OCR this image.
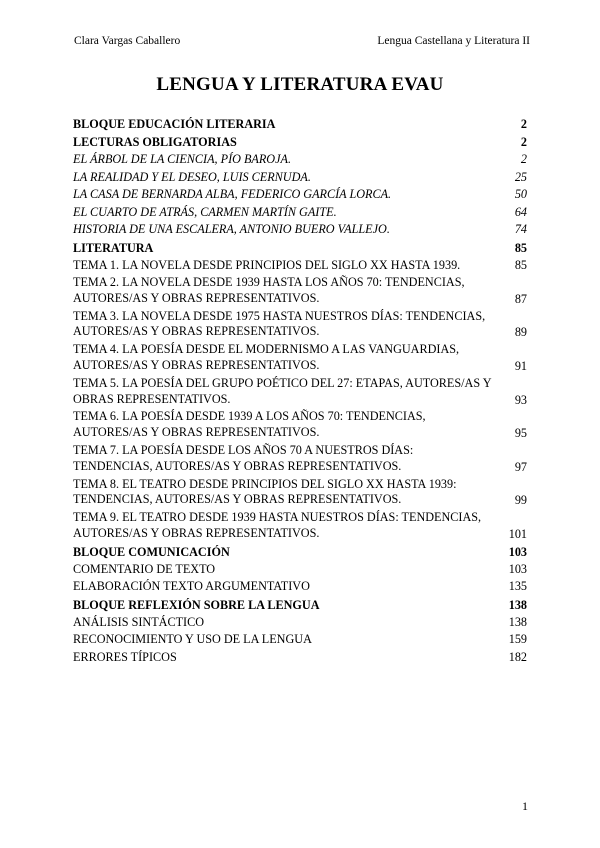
Clara Vargas Caballero	Lengua Castellana y Literatura II
LENGUA Y LITERATURA EVAU
BLOQUE EDUCACIÓN LITERARIA	2
LECTURAS OBLIGATORIAS	2
EL ÁRBOL DE LA CIENCIA, PÍO BAROJA.	2
LA REALIDAD Y EL DESEO, LUIS CERNUDA.	25
LA CASA DE BERNARDA ALBA, FEDERICO GARCÍA LORCA.	50
EL CUARTO DE ATRÁS, CARMEN MARTÍN GAITE.	64
HISTORIA DE UNA ESCALERA, ANTONIO BUERO VALLEJO.	74
LITERATURA	85
TEMA 1. LA NOVELA DESDE PRINCIPIOS DEL SIGLO XX HASTA 1939.	85
TEMA 2. LA NOVELA DESDE 1939 HASTA LOS AÑOS 70: TENDENCIAS, AUTORES/AS Y OBRAS REPRESENTATIVOS.	87
TEMA 3. LA NOVELA DESDE 1975 HASTA NUESTROS DÍAS: TENDENCIAS, AUTORES/AS Y OBRAS REPRESENTATIVOS.	89
TEMA 4. LA POESÍA DESDE EL MODERNISMO A LAS VANGUARDIAS, AUTORES/AS Y OBRAS REPRESENTATIVOS.	91
TEMA 5. LA POESÍA DEL GRUPO POÉTICO DEL 27: ETAPAS, AUTORES/AS Y OBRAS REPRESENTATIVOS.	93
TEMA 6. LA POESÍA DESDE 1939 A LOS AÑOS 70: TENDENCIAS, AUTORES/AS Y OBRAS REPRESENTATIVOS.	95
TEMA 7. LA POESÍA DESDE LOS AÑOS 70 A NUESTROS DÍAS: TENDENCIAS, AUTORES/AS Y OBRAS REPRESENTATIVOS.	97
TEMA 8. EL TEATRO DESDE PRINCIPIOS DEL SIGLO XX HASTA 1939: TENDENCIAS, AUTORES/AS Y OBRAS REPRESENTATIVOS.	99
TEMA 9. EL TEATRO DESDE 1939 HASTA NUESTROS DÍAS: TENDENCIAS, AUTORES/AS Y OBRAS REPRESENTATIVOS.	101
BLOQUE COMUNICACIÓN	103
COMENTARIO DE TEXTO	103
ELABORACIÓN TEXTO ARGUMENTATIVO	135
BLOQUE REFLEXIÓN SOBRE LA LENGUA	138
ANÁLISIS SINTÁCTICO	138
RECONOCIMIENTO Y USO DE LA LENGUA	159
ERRORES TÍPICOS	182
1
